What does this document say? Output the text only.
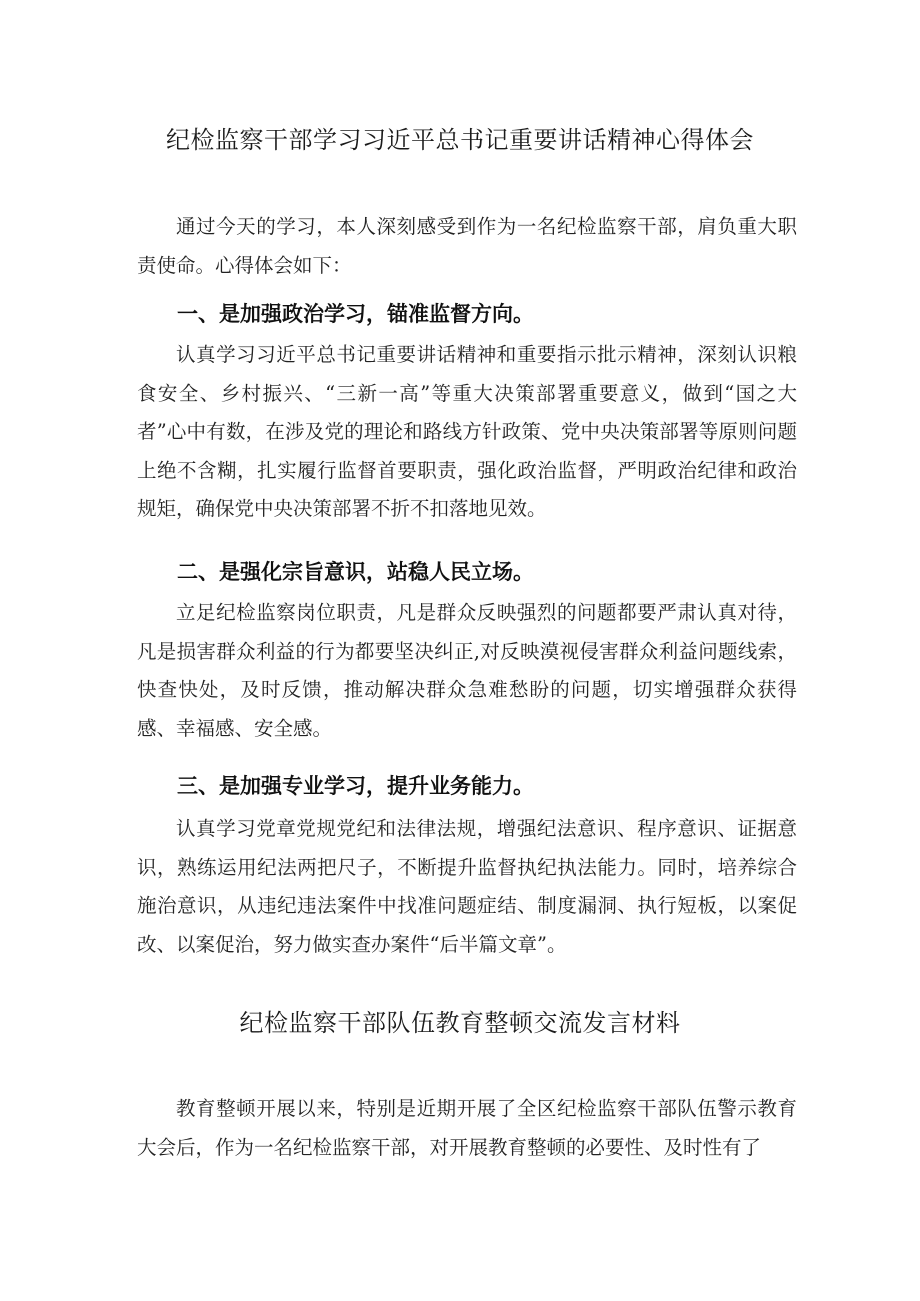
纪检监察干部学习习近平总书记重要讲话精神心得体会
通过今天的学习，本人深刻感受到作为一名纪检监察干部，肩负重大职责使命。心得体会如下：
一、是加强政治学习，锚准监督方向。
认真学习习近平总书记重要讲话精神和重要指示批示精神，深刻认识粮食安全、乡村振兴、“三新一高”等重大决策部署重要意义，做到“国之大者”心中有数，在涉及党的理论和路线方针政策、党中央决策部署等原则问题上绝不含糊，扎实履行监督首要职责，强化政治监督，严明政治纪律和政治规矩，确保党中央决策部署不折不扣落地见效。
二、是强化宗旨意识，站稳人民立场。
立足纪检监察岗位职责，凡是群众反映强烈的问题都要严肃认真对待，凡是损害群众利益的行为都要坚决纠正,对反映漠视侵害群众利益问题线索，快查快处，及时反馈，推动解决群众急难愁盼的问题，切实增强群众获得感、幸福感、安全感。
三、是加强专业学习，提升业务能力。
认真学习党章党规党纪和法律法规，增强纪法意识、程序意识、证据意识，熟练运用纪法两把尺子，不断提升监督执纪执法能力。同时，培养综合施治意识，从违纪违法案件中找准问题症结、制度漏洞、执行短板，以案促改、以案促治，努力做实查办案件“后半篇文章”。
纪检监察干部队伍教育整顿交流发言材料
教育整顿开展以来，特别是近期开展了全区纪检监察干部队伍警示教育大会后，作为一名纪检监察干部，对开展教育整顿的必要性、及时性有了
